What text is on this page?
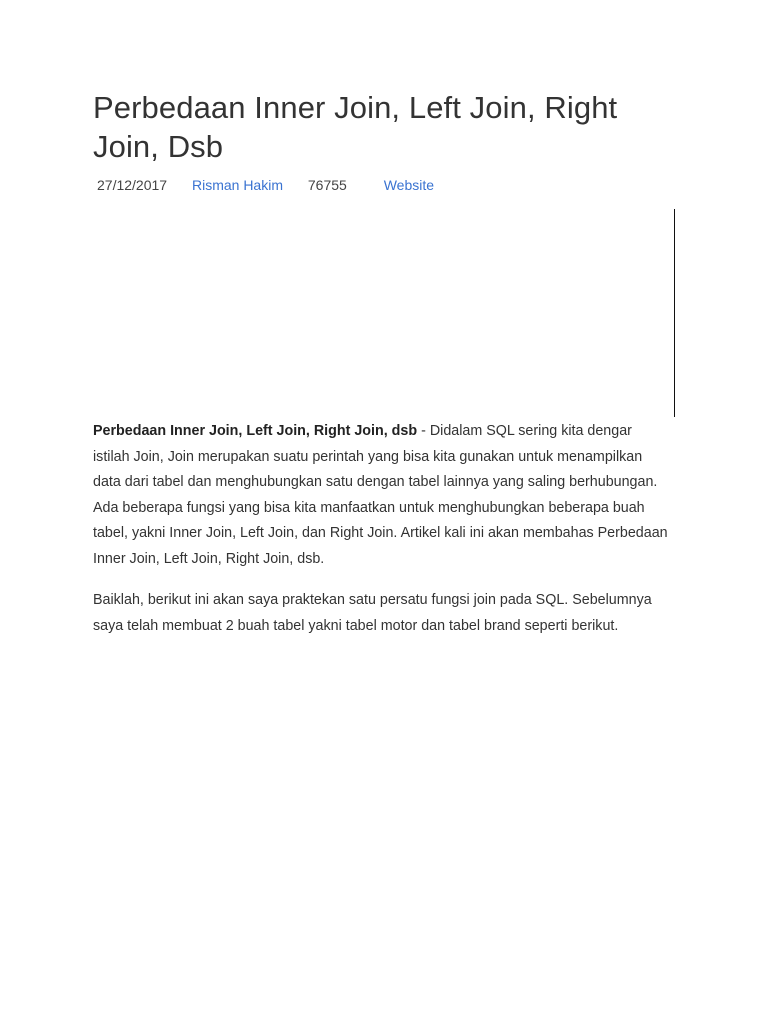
Perbedaan Inner Join, Left Join, Right Join, Dsb
27/12/2017 Risman Hakim 76755	Website

Perbedaan Inner Join, Left Join, Right Join, dsb - Didalam SQL sering kita dengar istilah Join, Join merupakan suatu perintah yang bisa kita gunakan untuk menampilkan data dari tabel dan menghubungkan satu dengan tabel lainnya yang saling berhubungan. Ada beberapa fungsi yang bisa kita manfaatkan untuk menghubungkan beberapa buah tabel, yakni Inner Join, Left Join, dan Right Join. Artikel kali ini akan membahas Perbedaan Inner Join, Left Join, Right Join, dsb.

Baiklah, berikut ini akan saya praktekan satu persatu fungsi join pada SQL. Sebelumnya saya telah membuat 2 buah tabel yakni tabel motor dan tabel brand seperti berikut.
